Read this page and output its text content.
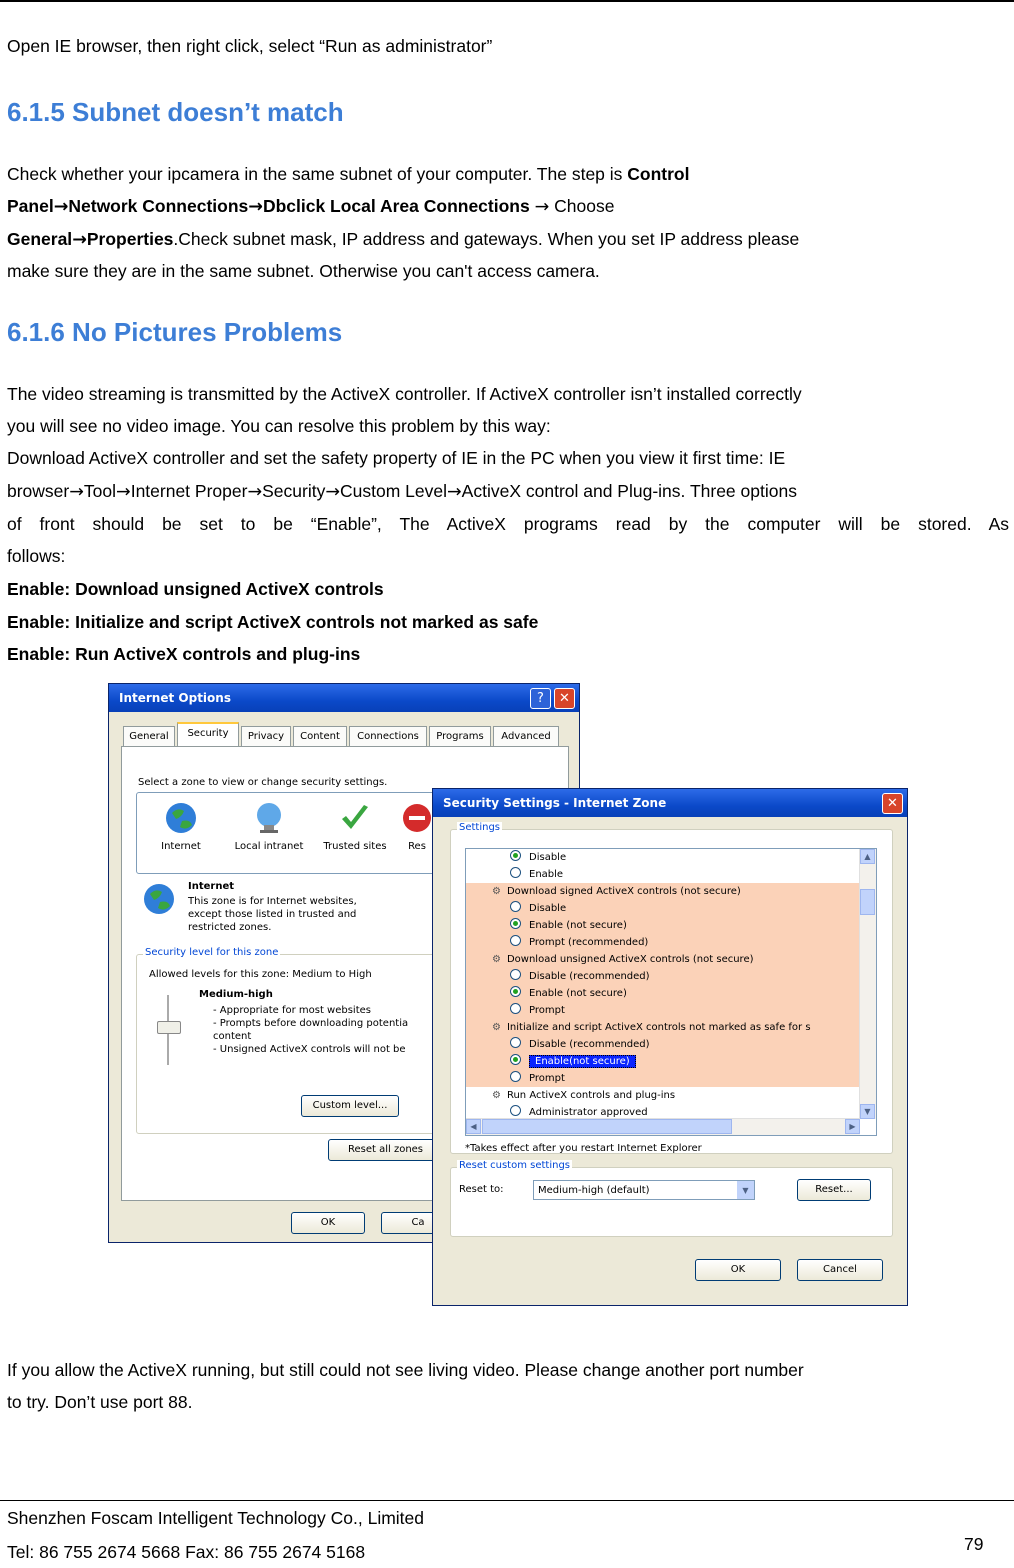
Open IE browser, then right click, select “Run as administrator”

6.1.5 Subnet doesn’t match

Check whether your ipcamera in the same subnet of your computer. The step is Control

Panel→Network Connections→Dbclick Local Area Connections → Choose

General→Properties.Check subnet mask, IP address and gateways. When you set IP address please

make sure they are in the same subnet. Otherwise you can't access camera.

6.1.6 No Pictures Problems

The video streaming is transmitted by the ActiveX controller. If ActiveX controller isn’t installed correctly

you will see no video image. You can resolve this problem by this way:

Download ActiveX controller and set the safety property of IE in the PC when you view it first time: IE

browser→Tool→Internet Proper→Security→Custom Level→ActiveX control and Plug-ins. Three options

of front should be set to be “Enable”, The ActiveX programs read by the computer will be stored. As

follows:

Enable: Download unsigned ActiveX controls

Enable: Initialize and script ActiveX controls not marked as safe

Enable: Run ActiveX controls and plug-ins

Internet Options	?	✕
General	Security	Privacy	Content	Connections	Programs	Advanced
Select a zone to view or change security settings.
Internet	Local intranet	Trusted sites	Res
Internet
This zone is for Internet websites,
except those listed in trusted and
restricted zones.
Security level for this zone
Allowed levels for this zone: Medium to High
Medium-high
- Appropriate for most websites
- Prompts before downloading potentia
content
- Unsigned ActiveX controls will not be
Custom level...
Reset all zones
OK	Ca
Security Settings - Internet Zone	✕
Settings
Disable
Enable
⚙ Download signed ActiveX controls (not secure)
Disable
Enable (not secure)
Prompt (recommended)
⚙ Download unsigned ActiveX controls (not secure)
Disable (recommended)
Enable (not secure)
Prompt
⚙ Initialize and script ActiveX controls not marked as safe for s
Disable (recommended)
Enable(not secure)
Prompt
⚙ Run ActiveX controls and plug-ins
Administrator approved
▲
▼
◀	▶
*Takes effect after you restart Internet Explorer
Reset custom settings
Reset to:	Medium-high (default)	▼	Reset...
OK	Cancel

If you allow the ActiveX running, but still could not see living video. Please change another port number

to try. Don’t use port 88.

Shenzhen Foscam Intelligent Technology Co., Limited

Tel: 86 755 2674 5668 Fax: 86 755 2674 5168	79
